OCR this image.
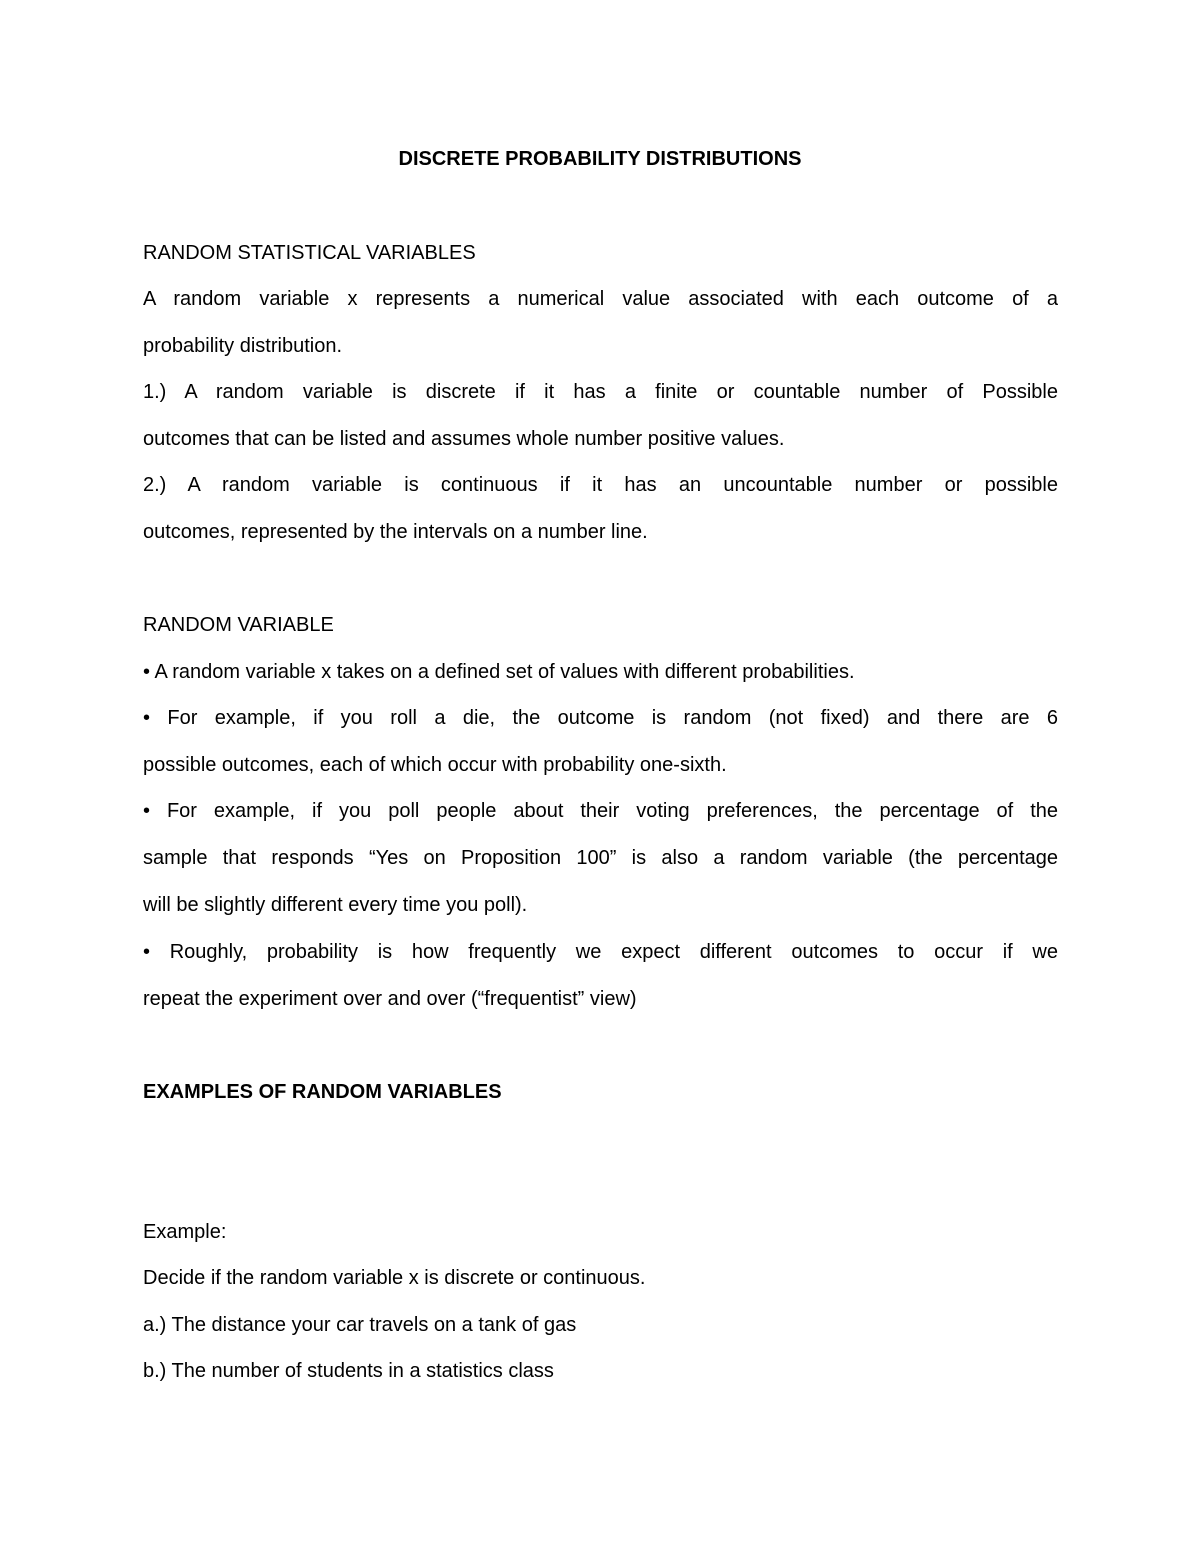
DISCRETE PROBABILITY DISTRIBUTIONS

RANDOM STATISTICAL VARIABLES

A random variable x represents a numerical value associated with each outcome of a

probability distribution.

1.) A random variable is discrete if it has a finite or countable number of Possible

outcomes that can be listed and assumes whole number positive values.

2.) A random variable is continuous if it has an uncountable number or possible

outcomes, represented by the intervals on a number line.

RANDOM VARIABLE

• A random variable x takes on a defined set of values with different probabilities.

• For example, if you roll a die, the outcome is random (not fixed) and there are 6

possible outcomes, each of which occur with probability one-sixth.

• For example, if you poll people about their voting preferences, the percentage of the

sample that responds “Yes on Proposition 100” is also a random variable (the percentage

will be slightly different every time you poll).

• Roughly, probability is how frequently we expect different outcomes to occur if we

repeat the experiment over and over (“frequentist” view)

EXAMPLES OF RANDOM VARIABLES

Example:

Decide if the random variable x is discrete or continuous.

a.) The distance your car travels on a tank of gas

b.) The number of students in a statistics class
